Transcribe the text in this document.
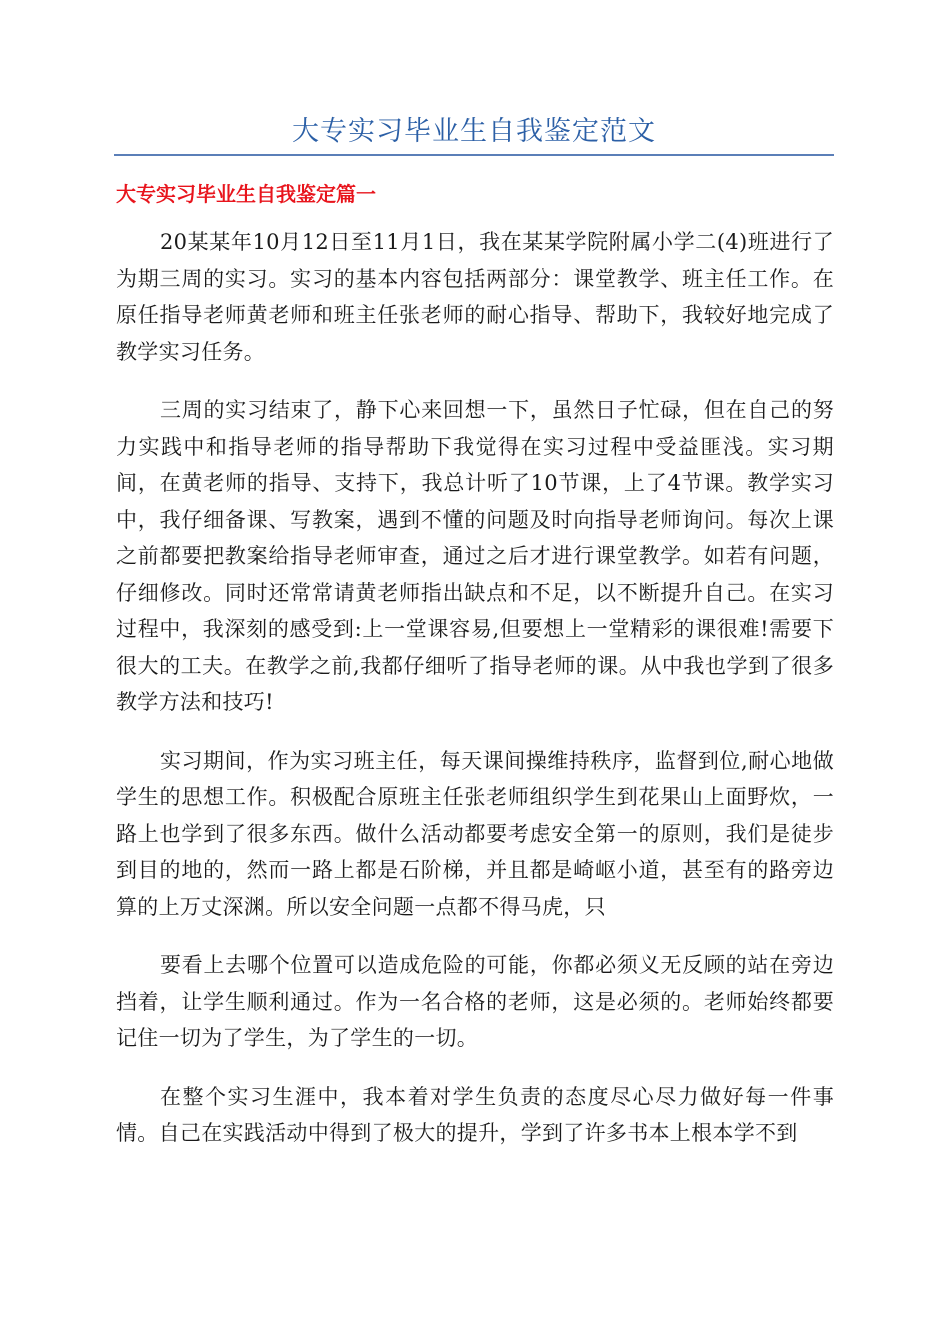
大专实习毕业生自我鉴定范文
大专实习毕业生自我鉴定篇一

20某某年10月12日至11月1日，我在某某学院附属小学二(4)班进行了为期三周的实习。实习的基本内容包括两部分：课堂教学、班主任工作。在原任指导老师黄老师和班主任张老师的耐心指导、帮助下，我较好地完成了教学实习任务。

三周的实习结束了，静下心来回想一下，虽然日子忙碌，但在自己的努力实践中和指导老师的指导帮助下我觉得在实习过程中受益匪浅。实习期间，在黄老师的指导、支持下，我总计听了10节课，上了4节课。教学实习中，我仔细备课、写教案，遇到不懂的问题及时向指导老师询问。每次上课之前都要把教案给指导老师审查，通过之后才进行课堂教学。如若有问题，仔细修改。同时还常常请黄老师指出缺点和不足，以不断提升自己。在实习过程中，我深刻的感受到:上一堂课容易,但要想上一堂精彩的课很难!需要下很大的工夫。在教学之前,我都仔细听了指导老师的课。从中我也学到了很多教学方法和技巧!

实习期间，作为实习班主任，每天课间操维持秩序，监督到位,耐心地做学生的思想工作。积极配合原班主任张老师组织学生到花果山上面野炊，一路上也学到了很多东西。做什么活动都要考虑安全第一的原则，我们是徒步到目的地的，然而一路上都是石阶梯，并且都是崎岖小道，甚至有的路旁边算的上万丈深渊。所以安全问题一点都不得马虎，只

要看上去哪个位置可以造成危险的可能，你都必须义无反顾的站在旁边挡着，让学生顺利通过。作为一名合格的老师，这是必须的。老师始终都要记住一切为了学生，为了学生的一切。

在整个实习生涯中，我本着对学生负责的态度尽心尽力做好每一件事情。自己在实践活动中得到了极大的提升，学到了许多书本上根本学不到
